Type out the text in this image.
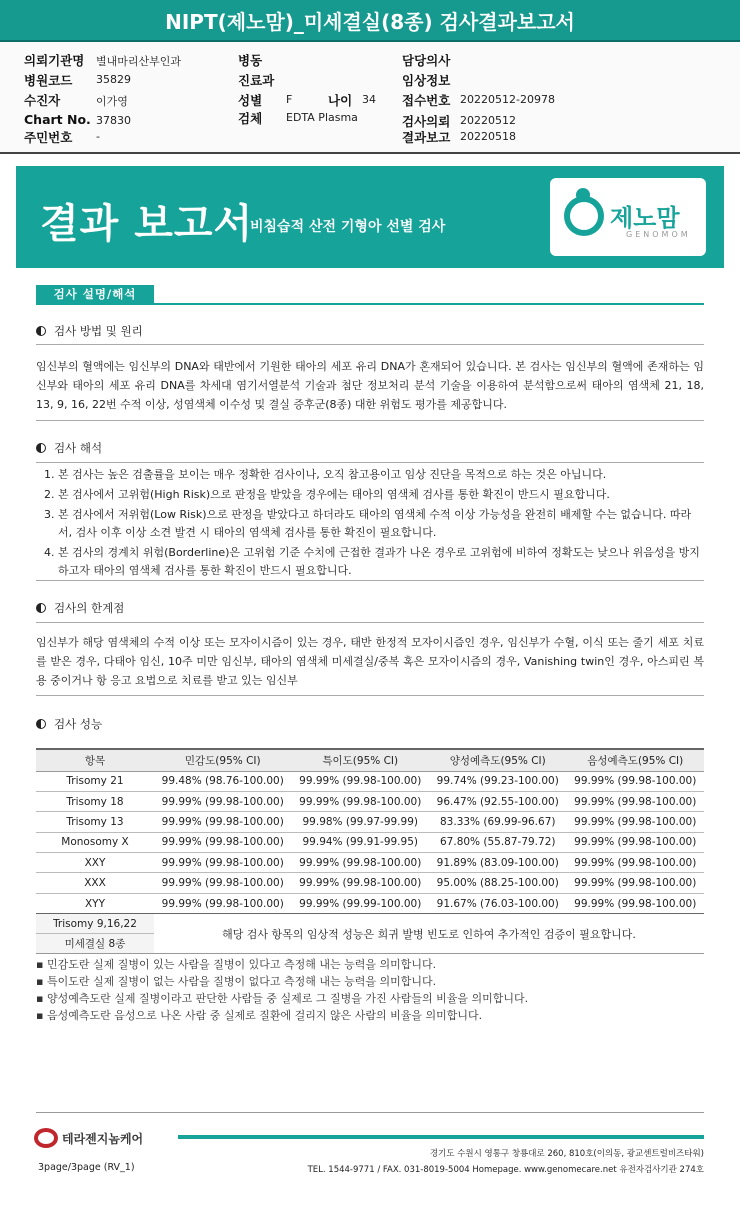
NIPT(제노맘)_미세결실(8종) 검사결과보고서
의뢰기관명 별내마리산부인과
병원코드 35829
수진자	이가영
Chart No. 37830
주민번호 -
병동
진료과
성별 F	나이 34
검체 EDTA Plasma
담당의사
임상정보
접수번호 20220512-20978
검사의뢰 20220512
결과보고 20220518
결과 보고서
비침습적 산전 기형아 선별 검사	제노맘
GENOMOM
검사 설명/해석
검사 방법 및 원리
임신부의 혈액에는 임신부의 DNA와 태반에서 기원한 태아의 세포 유리 DNA가 혼재되어 있습니다. 본 검사는 임신부의 혈액에 존재하는 임신부와 태아의 세포 유리 DNA를 차세대 염기서열분석 기술과 첨단 정보처리 분석 기술을 이용하여 분석함으로써 태아의 염색체 21, 18, 13, 9, 16, 22번 수적 이상, 성염색체 이수성 및 결실 증후군(8종) 대한 위험도 평가를 제공합니다.
검사 해석
1. 본 검사는 높은 검출률을 보이는 매우 정확한 검사이나, 오직 참고용이고 임상 진단을 목적으로 하는 것은 아닙니다.
2. 본 검사에서 고위험(High Risk)으로 판정을 받았을 경우에는 태아의 염색체 검사를 통한 확진이 반드시 필요합니다.
3. 본 검사에서 저위험(Low Risk)으로 판정을 받았다고 하더라도 태아의 염색체 수적 이상 가능성을 완전히 배제할 수는 없습니다. 따라서, 검사 이후 이상 소견 발견 시 태아의 염색체 검사를 통한 확진이 필요합니다.
4. 본 검사의 경계치 위험(Borderline)은 고위험 기준 수치에 근접한 결과가 나온 경우로 고위험에 비하여 정확도는 낮으나 위음성을 방지하고자 태아의 염색체 검사를 통한 확진이 반드시 필요합니다.
검사의 한계점
임신부가 해당 염색체의 수적 이상 또는 모자이시즘이 있는 경우, 태반 한정적 모자이시즘인 경우, 임신부가 수혈, 이식 또는 줄기 세포 치료를 받은 경우, 다태아 임신, 10주 미만 임신부, 태아의 염색체 미세결실/중복 혹은 모자이시즘의 경우, Vanishing twin인 경우, 아스피린 복용 중이거나 항 응고 요법으로 치료를 받고 있는 임신부
검사 성능
항목	민감도(95% CI)	특이도(95% CI)	양성예측도(95% CI)	음성예측도(95% CI)
Trisomy 21	99.48% (98.76-100.00)	99.99% (99.98-100.00)	99.74% (99.23-100.00)	99.99% (99.98-100.00)
Trisomy 18	99.99% (99.98-100.00)	99.99% (99.98-100.00)	96.47% (92.55-100.00)	99.99% (99.98-100.00)
Trisomy 13	99.99% (99.98-100.00)	99.98% (99.97-99.99)	83.33% (69.99-96.67)	99.99% (99.98-100.00)
Monosomy X	99.99% (99.98-100.00)	99.94% (99.91-99.95)	67.80% (55.87-79.72)	99.99% (99.98-100.00)
XXY	99.99% (99.98-100.00)	99.99% (99.98-100.00)	91.89% (83.09-100.00)	99.99% (99.98-100.00)
XXX	99.99% (99.98-100.00)	99.99% (99.98-100.00)	95.00% (88.25-100.00)	99.99% (99.98-100.00)
XYY	99.99% (99.98-100.00)	99.99% (99.99-100.00)	91.67% (76.03-100.00)	99.99% (99.98-100.00)
Trisomy 9,16,22	해당 검사 항목의 임상적 성능은 희귀 발병 빈도로 인하여 추가적인 검증이 필요합니다.			
미세결실 8종				
▪ 민감도란 실제 질병이 있는 사람을 질병이 있다고 측정해 내는 능력을 의미합니다.
▪ 특이도란 실제 질병이 없는 사람을 질병이 없다고 측정해 내는 능력을 의미합니다.
▪ 양성예측도란 실제 질병이라고 판단한 사람들 중 실제로 그 질병을 가진 사람들의 비율을 의미합니다.
▪ 음성예측도란 음성으로 나온 사람 중 실제로 질환에 걸리지 않은 사람의 비율을 의미합니다.
테라젠지놈케어
경기도 수원시 영통구 창룡대로 260, 810호(이의동, 광교센트럴비즈타워)
TEL. 1544-9771 / FAX. 031-8019-5004 Homepage. www.genomecare.net 유전자검사기관 274호
3page/3page (RV_1)
